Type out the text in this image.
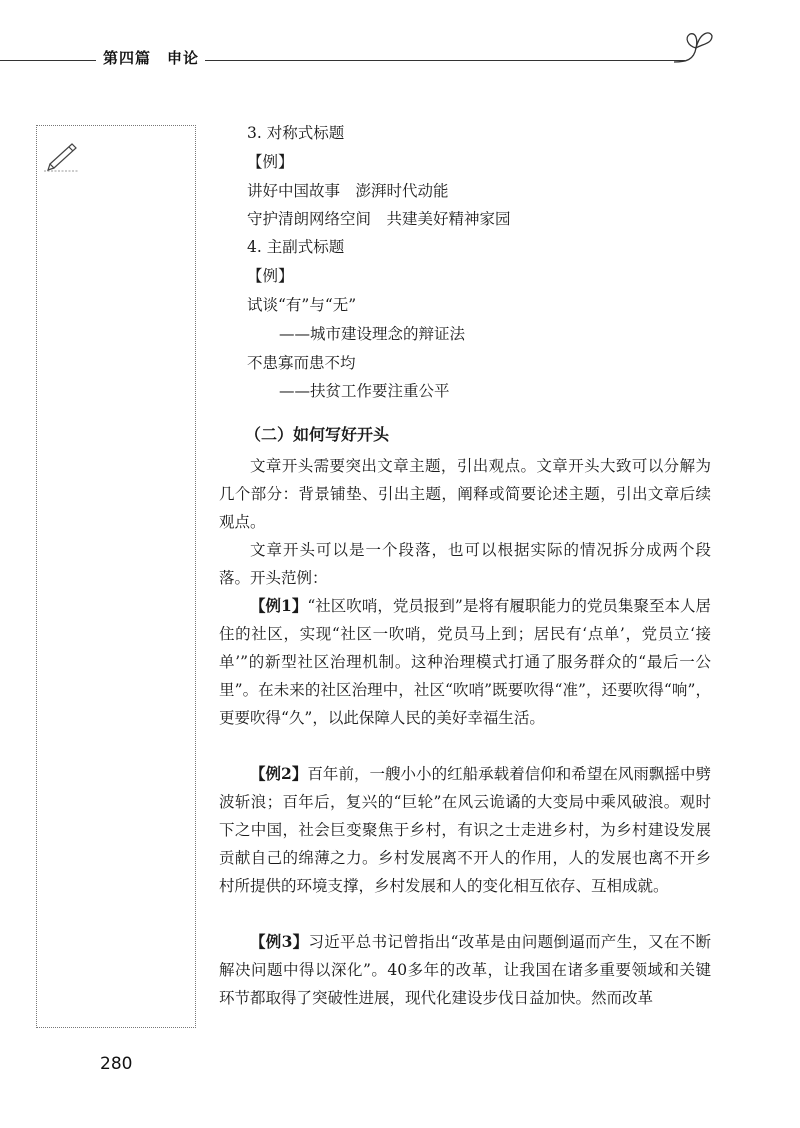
第四篇　申论
3. 对称式标题
【例】
讲好中国故事　澎湃时代动能
守护清朗网络空间　共建美好精神家园
4. 主副式标题
【例】
试谈“有”与“无”
——城市建设理念的辩证法
不患寡而患不均
——扶贫工作要注重公平
（二）如何写好开头
文章开头需要突出文章主题，引出观点。文章开头大致可以分解为几个部分：背景铺垫、引出主题，阐释或简要论述主题，引出文章后续观点。
文章开头可以是一个段落，也可以根据实际的情况拆分成两个段落。 开头范例：
【例1】“社区吹哨，党员报到”是将有履职能力的党员集聚至本人居住的社区，实现“社区一吹哨，党员马上到；居民有‘点单’，党员立‘接单’”的新型社区治理机制。这种治理模式打通了服务群众的“最后一公里”。在未来的社区治理中，社区“吹哨”既要吹得“准”，还要吹得“响”，更要吹得“久”，以此保障人民的美好幸福生活。
【例2】百年前，一艘小小的红船承载着信仰和希望在风雨飘摇中劈波斩浪；百年后，复兴的“巨轮”在风云诡谲的大变局中乘风破浪。观时下之中国，社会巨变聚焦于乡村，有识之士走进乡村，为乡村建设发展贡献自己的绵薄之力。乡村发展离不开人的作用，人的发展也离不开乡村所提供的环境支撑，乡村发展和人的变化相互依存、互相成就。
【例3】习近平总书记曾指出“改革是由问题倒逼而产生，又在不断解决问题中得以深化”。40多年的改革，让我国在诸多重要领域和关键环节都取得了突破性进展，现代化建设步伐日益加快。然而改革
280
